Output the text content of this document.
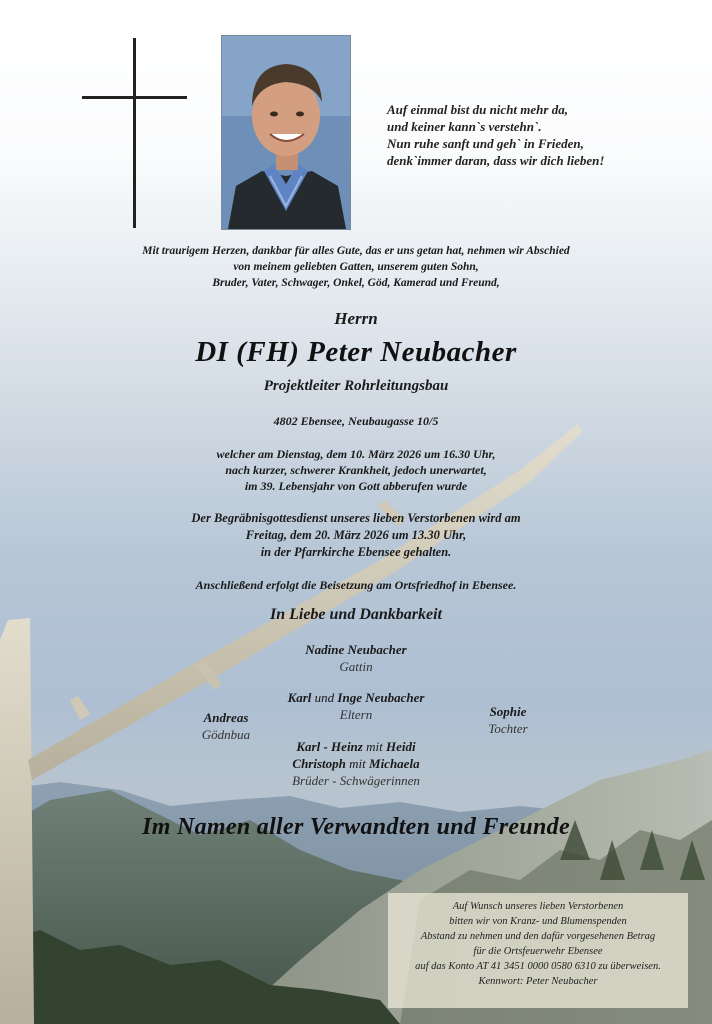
Auf einmal bist du nicht mehr da,
und keiner kann`s verstehn`.
Nun ruhe sanft und geh` in Frieden,
denk`immer daran, dass wir dich lieben!
Mit traurigem Herzen, dankbar für alles Gute, das er uns getan hat, nehmen wir Abschied
von meinem geliebten Gatten, unserem guten Sohn,
Bruder, Vater, Schwager, Onkel, Göd, Kamerad und Freund,
Herrn
DI (FH) Peter Neubacher
Projektleiter Rohrleitungsbau
4802 Ebensee, Neubaugasse 10/5
welcher am Dienstag, dem 10. März 2026 um 16.30 Uhr,
nach kurzer, schwerer Krankheit, jedoch unerwartet,
im 39. Lebensjahr von Gott abberufen wurde
Der Begräbnisgottesdienst unseres lieben Verstorbenen wird am
Freitag, dem 20. März 2026 um 13.30 Uhr,
in der Pfarrkirche Ebensee gehalten.
Anschließend erfolgt die Beisetzung am Ortsfriedhof in Ebensee.
In Liebe und Dankbarkeit
Nadine Neubacher
Gattin
Karl und Inge Neubacher
Eltern
Andreas
Gödnbua
Sophie
Tochter
Karl - Heinz mit Heidi
Christoph mit Michaela
Brüder - Schwägerinnen
Im Namen aller Verwandten und Freunde
Auf Wunsch unseres lieben Verstorbenen
bitten wir von Kranz- und Blumenspenden
Abstand zu nehmen und den dafür vorgesehenen Betrag
für die Ortsfeuerwehr Ebensee
auf das Konto AT 41 3451 0000 0580 6310 zu überweisen.
Kennwort: Peter Neubacher
